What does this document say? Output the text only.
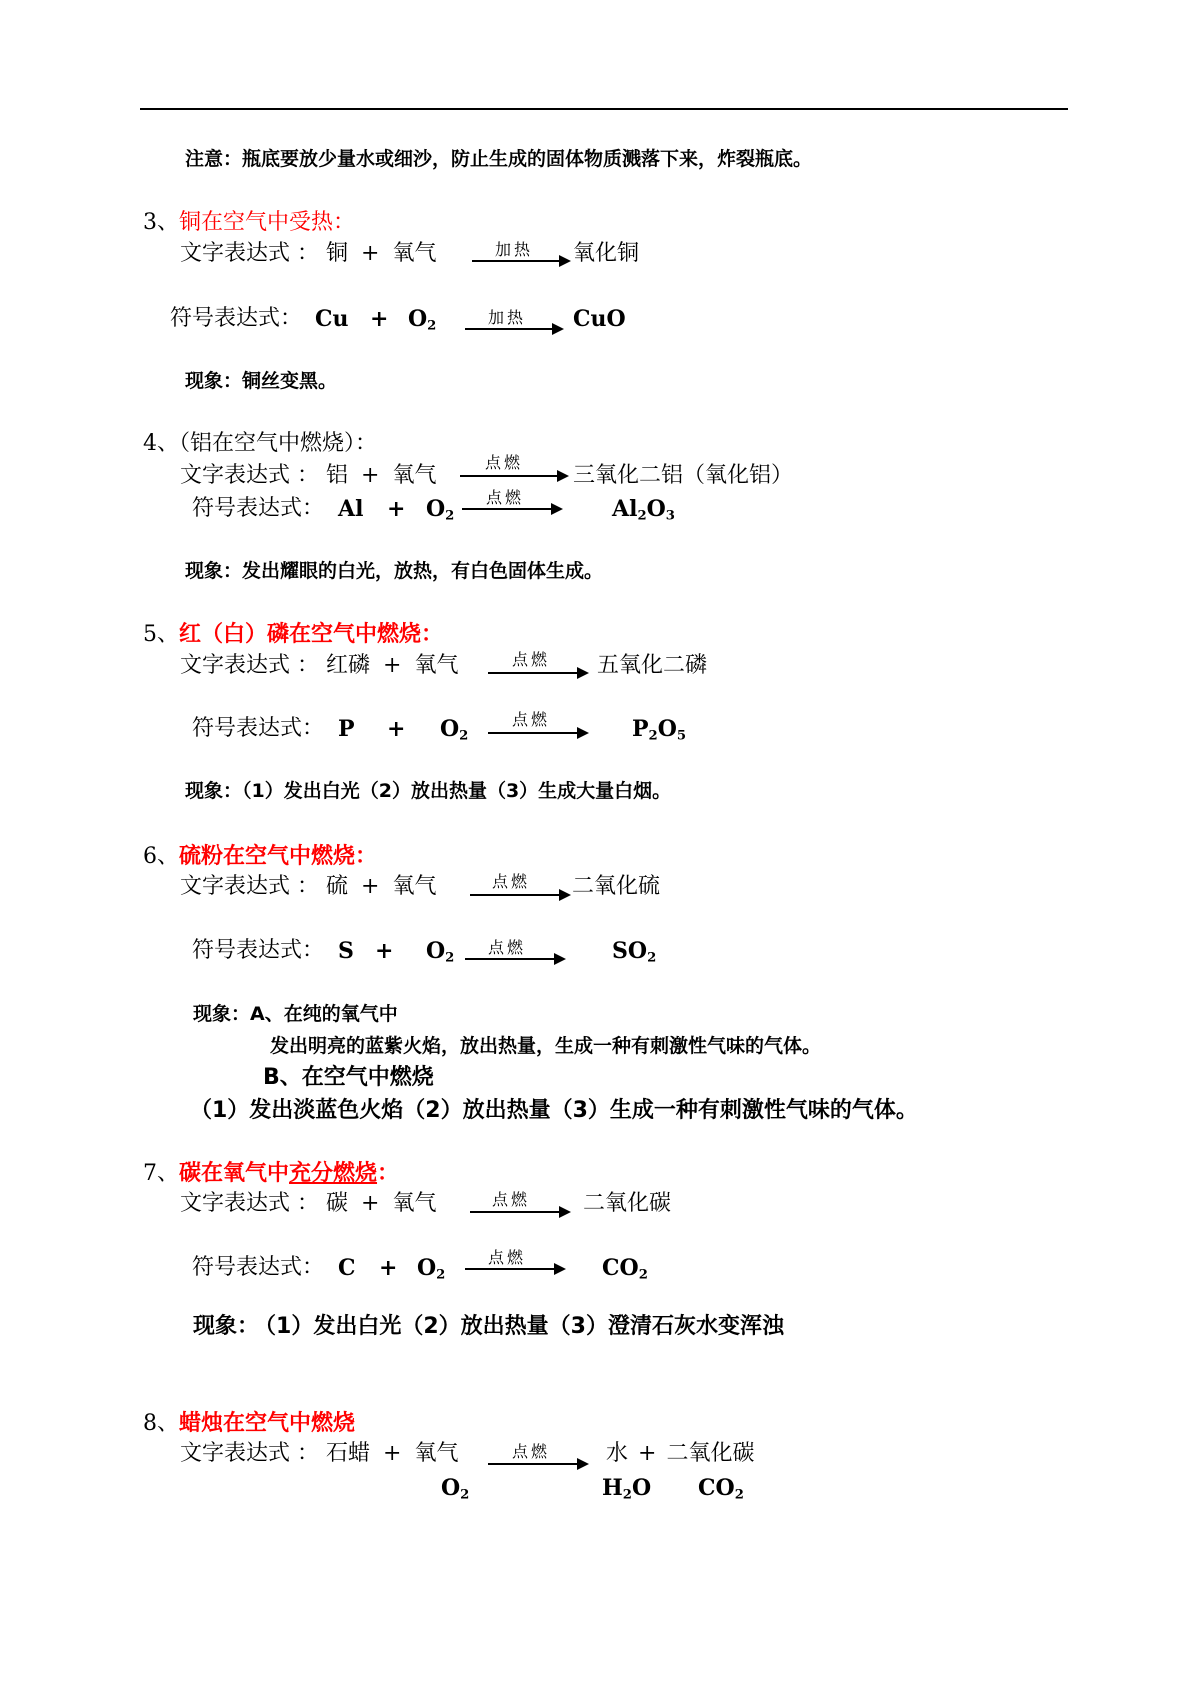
注意：瓶底要放少量水或细沙，防止生成的固体物质溅落下来，炸裂瓶底。
3、铜在空气中受热：
文字表达式 ： 铜 + 氧气	加热 氧化铜
符号表达式： $Cu + O_2$	加热 CuO
现象：铜丝变黑。
4、（铝在空气中燃烧）：
文字表达式 ： 铝 + 氧气
点燃
三氧化二铝（氧化铝）
符号表达式： $Al + O_2$
点燃	$Al_2O_3$
现象：发出耀眼的白光，放热，有白色固体生成。
5、红（白）磷在空气中燃烧：
文字表达式 ： 红磷 + 氧气	点燃 五氧化二磷
符号表达式： $P + O_2$
点燃	$P_2O_5$
现象：（1）发出白光（2）放出热量（3）生成大量白烟。
6、硫粉在空气中燃烧：
文字表达式 ： 硫 + 氧气	点燃 二氧化硫
符号表达式： $S + O_2$
点燃	$SO_2$
现象：A、在纯的氧气中
发出明亮的蓝紫火焰，放出热量，生成一种有刺激性气味的气体。
B、在空气中燃烧
（1）发出淡蓝色火焰（2）放出热量（3）生成一种有刺激性气味的气体。
7、碳在氧气中充分燃烧：
文字表达式 ： 碳 + 氧气	点燃 二氧化碳
符号表达式： $C + O_2$
点燃	$CO_2$
现象： （1）发出白光（2）放出热量（3）澄清石灰水变浑浊
8、蜡烛在空气中燃烧
文字表达式 ： 石蜡 + 氧气	点燃	水 + 二氧化碳
$O_2$	$H_2O$ $CO_2$
